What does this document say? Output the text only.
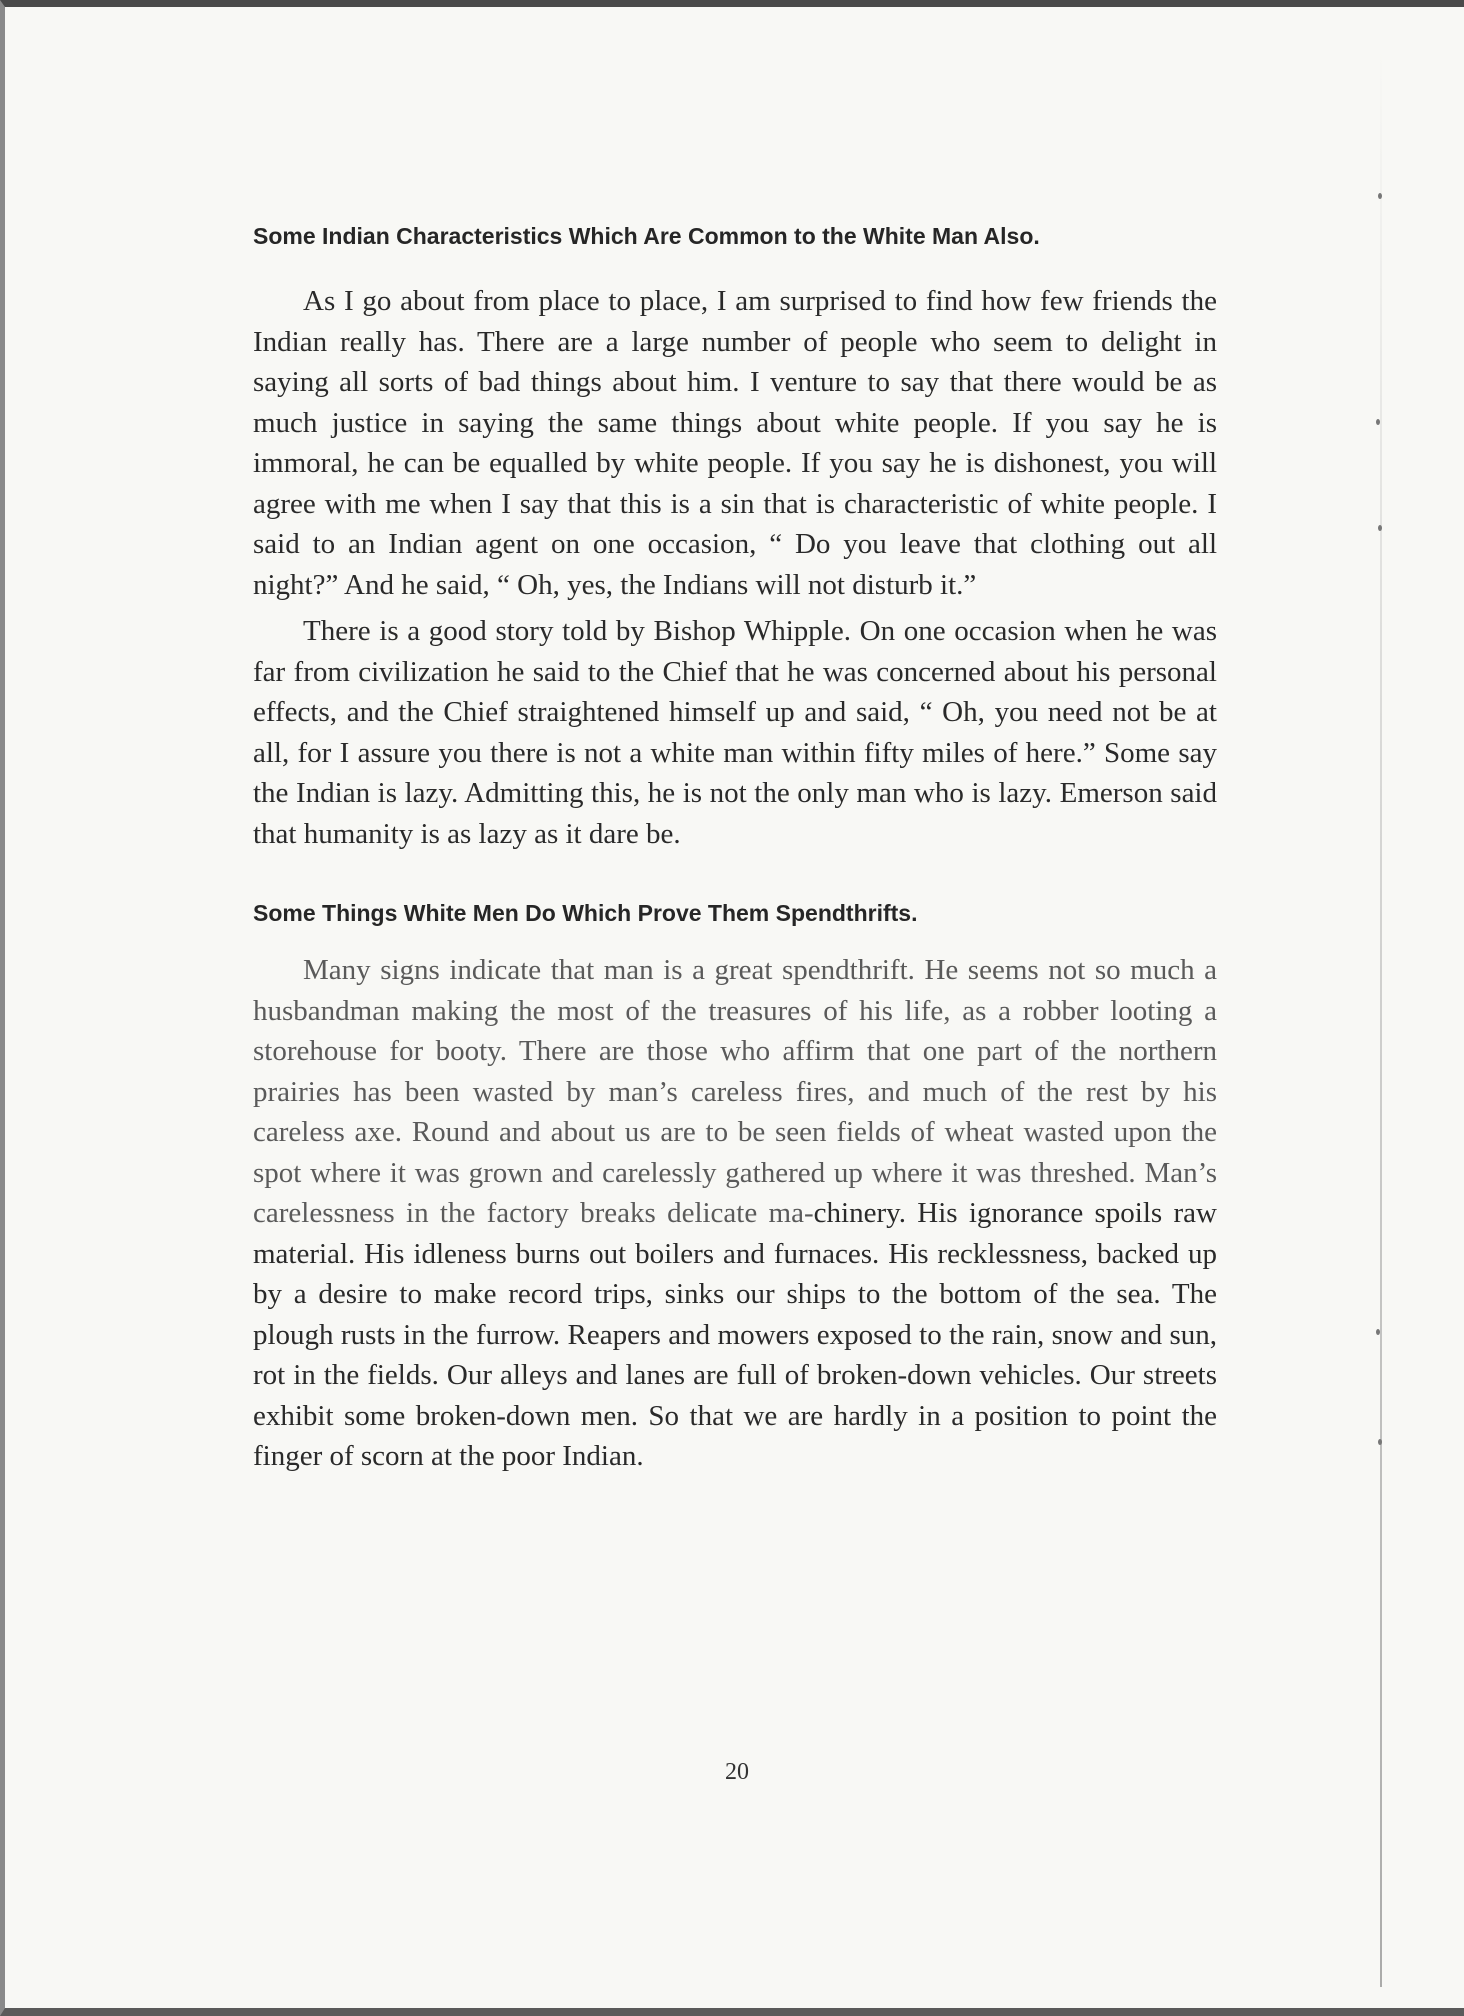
Some Indian Characteristics Which Are Common to the White Man Also.

As I go about from place to place, I am surprised to find how few friends the Indian really has. There are a large number of people who seem to delight in saying all sorts of bad things about him. I venture to say that there would be as much justice in saying the same things about white people. If you say he is immoral, he can be equalled by white people. If you say he is dishonest, you will agree with me when I say that this is a sin that is characteristic of white people. I said to an Indian agent on one occasion, “ Do you leave that clothing out all night?” And he said, “ Oh, yes, the Indians will not disturb it.”

There is a good story told by Bishop Whipple. On one occasion when he was far from civilization he said to the Chief that he was concerned about his personal effects, and the Chief straightened himself up and said, “ Oh, you need not be at all, for I assure you there is not a white man within fifty miles of here.” Some say the Indian is lazy. Admitting this, he is not the only man who is lazy. Emerson said that humanity is as lazy as it dare be.

Some Things White Men Do Which Prove Them Spendthrifts.

Many signs indicate that man is a great spendthrift. He seems not so much a husbandman making the most of the treasures of his life, as a robber looting a storehouse for booty. There are those who affirm that one part of the northern prairies has been wasted by man’s careless fires, and much of the rest by his careless axe. Round and about us are to be seen fields of wheat wasted upon the spot where it was grown and carelessly gathered up where it was threshed. Man’s carelessness in the factory breaks delicate ma-chinery. His ignorance spoils raw material. His idleness burns out boilers and furnaces. His recklessness, backed up by a desire to make record trips, sinks our ships to the bottom of the sea. The plough rusts in the furrow. Reapers and mowers exposed to the rain, snow and sun, rot in the fields. Our alleys and lanes are full of broken-down vehicles. Our streets exhibit some broken-down men. So that we are hardly in a position to point the finger of scorn at the poor Indian.

20
